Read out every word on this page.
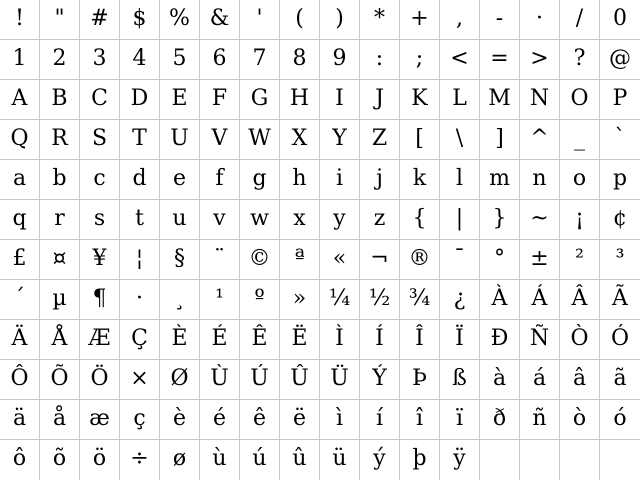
! " # $ % & ' ( ) * + , - · / 0
1 2 3 4 5 6 7 8 9 : ; < = > ? @
A B C D E F G H I J K L M N O P
Q R S T U V W X Y Z [ \ ] ^ _ `
a b c d e f g h i j k l m n o p
q r s t u v w x y z { | } ~ ¡ ¢
£ ¤ ¥ ¦ § ¨ © ª « ¬ ® ¯ ° ± ² ³
´ µ ¶ · ¸ ¹ º » ¼ ½ ¾ ¿ À Á Â Ã
Ä Å Æ Ç È É Ê Ë Ì Í Î Ï Ð Ñ Ò Ó
Ô Õ Ö × Ø Ù Ú Û Ü Ý Þ ß à á â ã
ä å æ ç è é ê ë ì í î ï ð ñ ò ó
ô õ ö ÷ ø ù ú û ü ý þ ÿ
